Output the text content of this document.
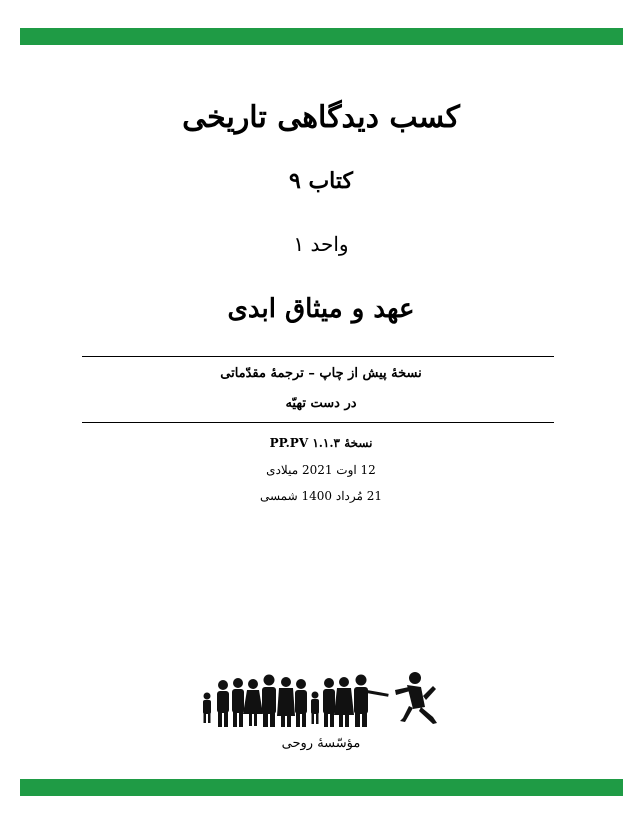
کسب دیدگاهی تاریخی
کتاب ۹
واحد ۱
عهد و میثاق ابدی
نسخۀ پیش از چاپ – ترجمۀ مقدّماتی
در دست تهیّه
نسخۀ PP.PV ۱.۱.۳
12 اوت 2021 میلادی
21 مُرداد 1400 شمسی
مؤسّسۀ روحی
